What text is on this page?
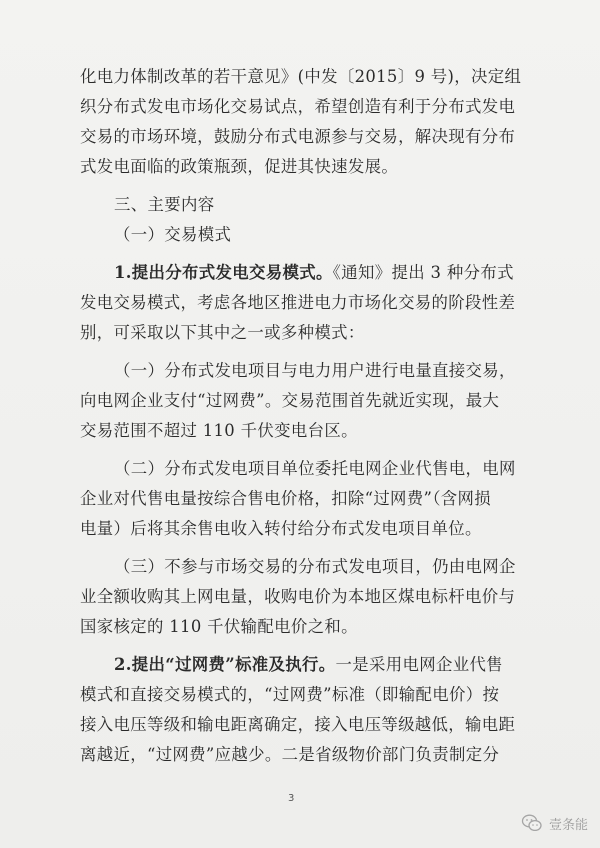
化电力体制改革的若干意见》(中发〔2015〕9 号)，决定组
织分布式发电市场化交易试点，希望创造有利于分布式发电
交易的市场环境，鼓励分布式电源参与交易，解决现有分布
式发电面临的政策瓶颈，促进其快速发展。
三、主要内容
（一）交易模式
1.提出分布式发电交易模式。《通知》提出 3 种分布式
发电交易模式，考虑各地区推进电力市场化交易的阶段性差
别，可采取以下其中之一或多种模式：
（一）分布式发电项目与电力用户进行电量直接交易，
向电网企业支付“过网费”。交易范围首先就近实现，最大
交易范围不超过 110 千伏变电台区。
（二）分布式发电项目单位委托电网企业代售电，电网
企业对代售电量按综合售电价格，扣除“过网费”（含网损
电量）后将其余售电收入转付给分布式发电项目单位。
（三）不参与市场交易的分布式发电项目，仍由电网企
业全额收购其上网电量，收购电价为本地区煤电标杆电价与
国家核定的 110 千伏输配电价之和。
2.提出“过网费”标准及执行。一是采用电网企业代售
模式和直接交易模式的，“过网费”标准（即输配电价）按
接入电压等级和输电距离确定，接入电压等级越低，输电距
离越近，“过网费”应越少。二是省级物价部门负责制定分
3
壹条能
